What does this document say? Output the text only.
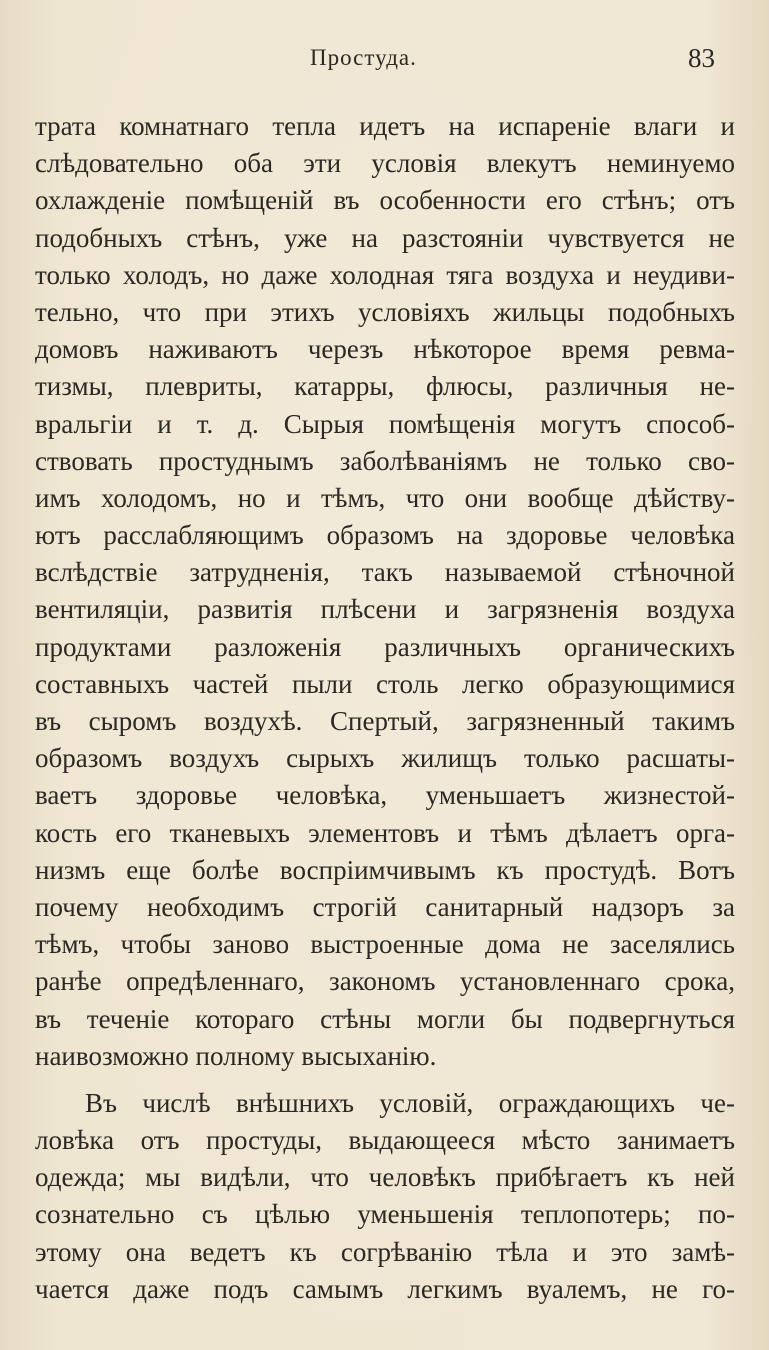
Простуда.	83
трата комнатнаго тепла идетъ на испареніе влаги и
слѣдовательно оба эти условія влекутъ неминуемо
охлажденіе помѣщеній въ особенности его стѣнъ; отъ
подобныхъ стѣнъ, уже на разстояніи чувствуется не
только холодъ, но даже холодная тяга воздуха и неудиви-
тельно, что при этихъ условіяхъ жильцы подобныхъ
домовъ наживаютъ черезъ нѣкоторое время ревма-
тизмы, плевриты, катарры, флюсы, различныя не-
вральгіи и т. д. Сырыя помѣщенія могутъ способ-
ствовать простуднымъ заболѣваніямъ не только сво-
имъ холодомъ, но и тѣмъ, что они вообще дѣйству-
ютъ расслабляющимъ образомъ на здоровье человѣка
вслѣдствіе затрудненія, такъ называемой стѣночной
вентиляціи, развитія плѣсени и загрязненія воздуха
продуктами разложенія различныхъ органическихъ
составныхъ частей пыли столь легко образующимися
въ сыромъ воздухѣ. Спертый, загрязненный такимъ
образомъ воздухъ сырыхъ жилищъ только расшаты-
ваетъ здоровье человѣка, уменьшаетъ жизнестой-
кость его тканевыхъ элементовъ и тѣмъ дѣлаетъ орга-
низмъ еще болѣе воспріимчивымъ къ простудѣ. Вотъ
почему необходимъ строгій санитарный надзоръ за
тѣмъ, чтобы заново выстроенные дома не заселялись
ранѣе опредѣленнаго, закономъ установленнаго срока,
въ теченіе котораго стѣны могли бы подвергнуться
наивозможно полному высыханію.
Въ числѣ внѣшнихъ условій, ограждающихъ че-
ловѣка отъ простуды, выдающееся мѣсто занимаетъ
одежда; мы видѣли, что человѣкъ прибѣгаетъ къ ней
сознательно съ цѣлью уменьшенія теплопотерь; по-
этому она ведетъ къ согрѣванію тѣла и это замѣ-
чается даже подъ самымъ легкимъ вуалемъ, не го-
